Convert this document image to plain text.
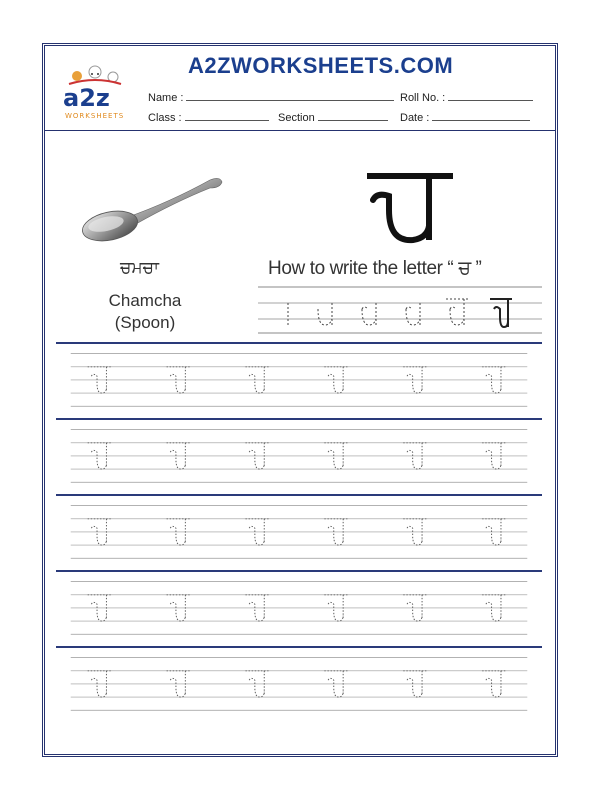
a2z
WORKSHEETS
A2ZWORKSHEETS.COM
Name :	Roll No. :
Class :	Section	Date :
ਚਮਚਾ
Chamcha
(Spoon)
How to write the letter “ ਚ ”
